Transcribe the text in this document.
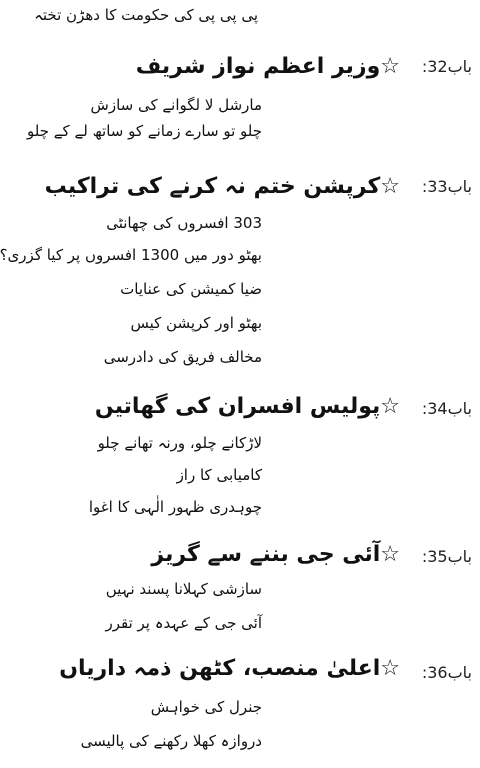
پی پی پی کی حکومت کا دھڑن تختہ
باب32:
☆وزیر اعظم نواز شریف
مارشل لا لگوانے کی سازش
چلو تو سارے زمانے کو ساتھ لے کے چلو
باب33:
☆کرپشن ختم نہ کرنے کی تراکیب
303 افسروں کی چھانٹی
بھٹو دور میں 1300 افسروں پر کیا گزری؟
ضیا کمیشن کی عنایات
بھٹو اور کرپشن کیس
مخالف فریق کی دادرسی
باب34:
☆پولیس افسران کی گھاتیں
لاڑکانے چلو، ورنہ تھانے چلو
کامیابی کا راز
چوہدری ظہور الٰہی کا اغوا
باب35:
☆آئی جی بننے سے گریز
سازشی کہلانا پسند نہیں
آئی جی کے عہدہ پر تقرر
باب36:
☆اعلیٰ منصب، کٹھن ذمہ داریاں
جنرل کی خواہش
دروازہ کھلا رکھنے کی پالیسی
